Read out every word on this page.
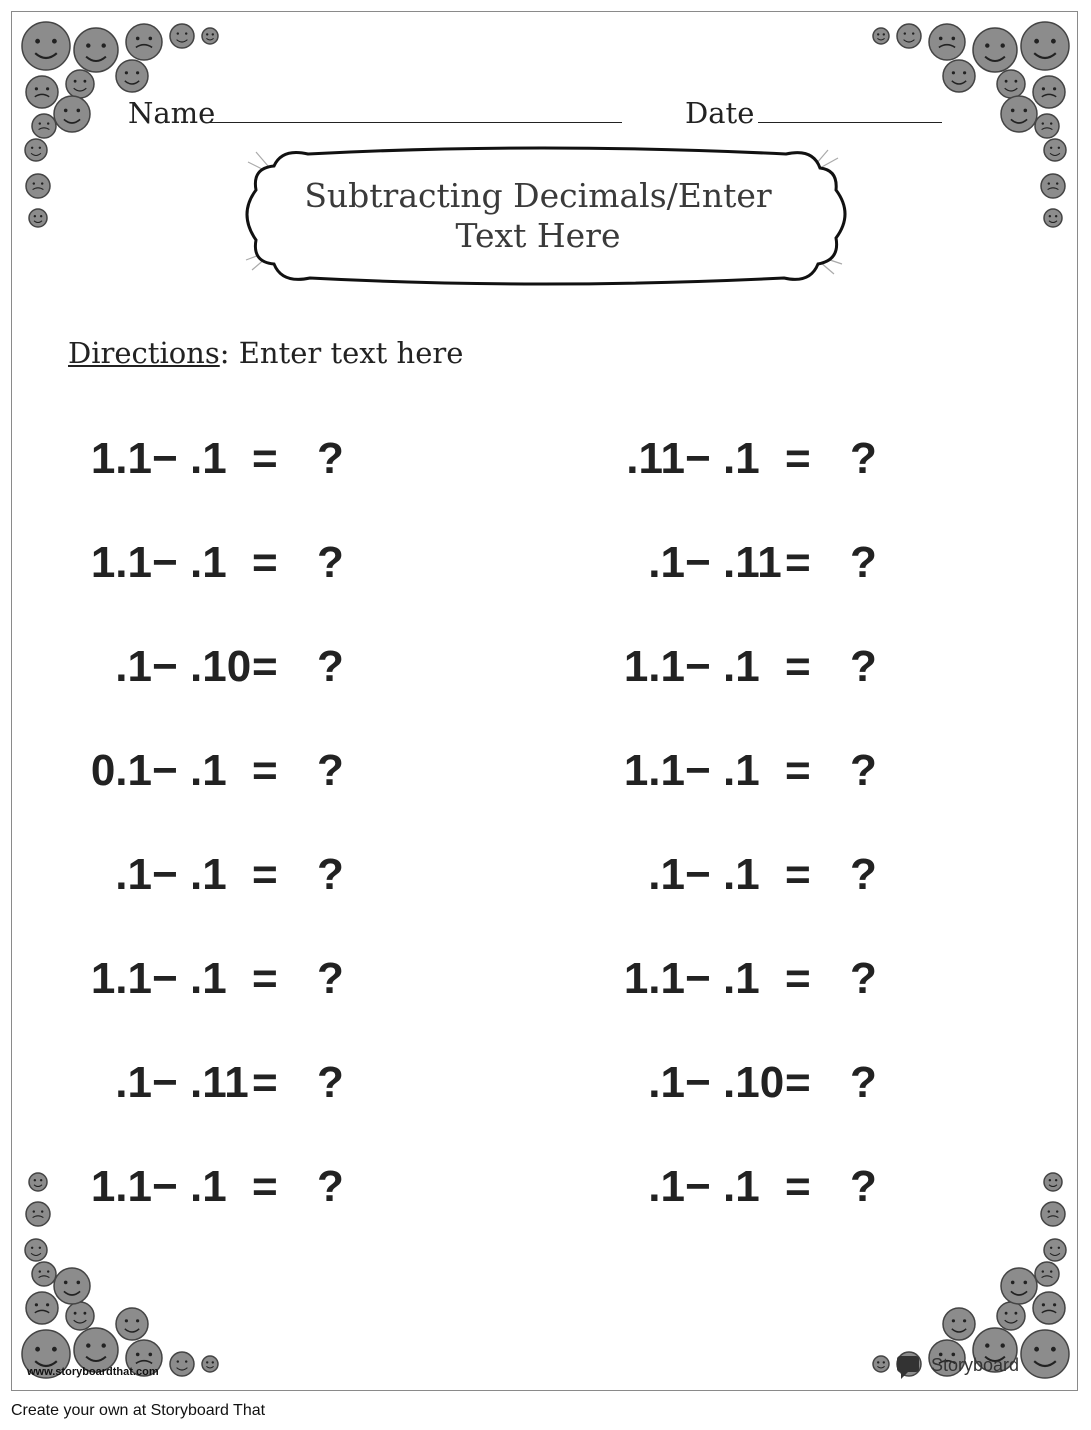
Name	Date
Subtracting Decimals/Enter
Text Here
Directions: Enter text here
1.1 − .1 = ?
1.1 − .1 = ?
.1 − .10 = ?
0.1 − .1 = ?
.1 − .1 = ?
1.1 − .1 = ?
.1 − .11 = ?
1.1 − .1 = ?
.11 − .1 = ?
.1 − .11 = ?
1.1 − .1 = ?
1.1 − .1 = ?
.1 − .1 = ?
1.1 − .1 = ?
.1 − .10 = ?
.1 − .1 = ?
www.storyboardthat.com	Storyboard
Create your own at Storyboard That
